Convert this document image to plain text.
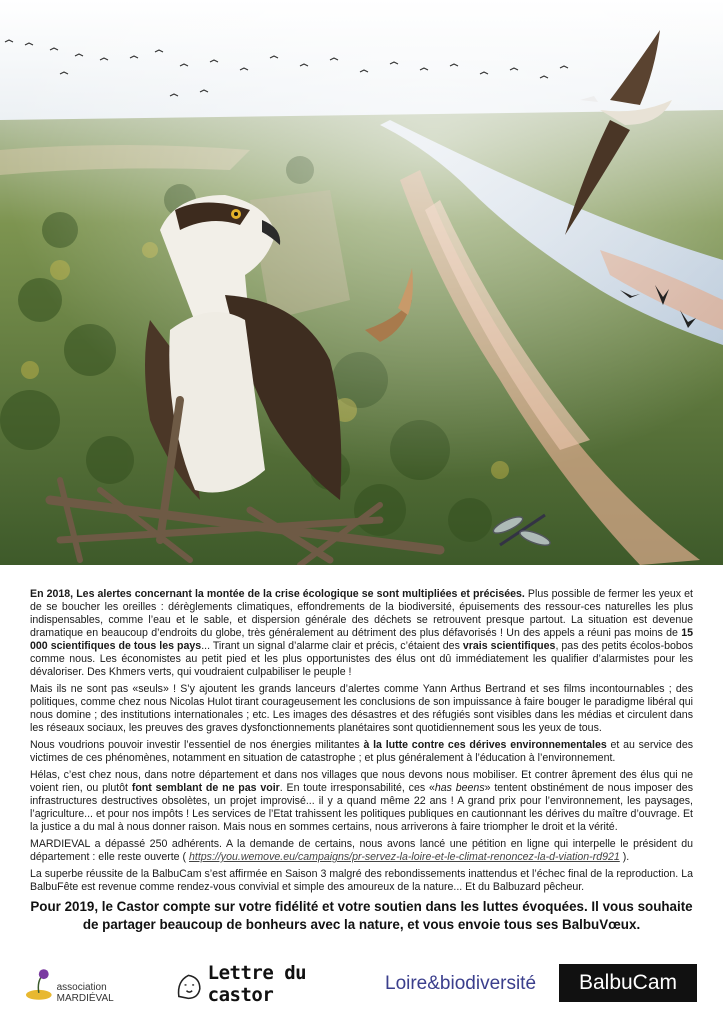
En 2018, Les alertes concernant la montée de la crise écologique se sont multipliées et précisées. Plus possible de fermer les yeux et de se boucher les oreilles : dérèglements climatiques, effondrements de la biodiversité, épuisements des ressour-ces naturelles les plus indispensables, comme l’eau et le sable, et dispersion générale des déchets se retrouvent presque partout. La situation est devenue dramatique en beaucoup d’endroits du globe, très généralement au détriment des plus défavorisés ! Un des appels a réuni pas moins de 15 000 scientifiques de tous les pays... Tirant un signal d’alarme clair et précis, c’étaient des vrais scientifiques, pas des petits écolos-bobos comme nous. Les économistes au petit pied et les plus opportunistes des élus ont dû immédiatement les qualifier d’alarmistes pour les dévaloriser. Des Khmers verts, qui voudraient culpabiliser le peuple !

Mais ils ne sont pas «seuls» ! S’y ajoutent les grands lanceurs d’alertes comme Yann Arthus Bertrand et ses films incontournables ; des politiques, comme chez nous Nicolas Hulot tirant courageusement les conclusions de son impuissance à faire bouger le paradigme libéral qui nous domine ; des institutions internationales ; etc. Les images des désastres et des réfugiés sont visibles dans les médias et circulent dans les réseaux sociaux, les preuves des graves dysfonctionnements planétaires sont quotidiennement sous les yeux de tous.

Nous voudrions pouvoir investir l’essentiel de nos énergies militantes à la lutte contre ces dérives environnementales et au service des victimes de ces phénomènes, notamment en situation de catastrophe ; et plus généralement à l’éducation à l’environnement.

Hélas, c’est chez nous, dans notre département et dans nos villages que nous devons nous mobiliser. Et contrer âprement des élus qui ne voient rien, ou plutôt font semblant de ne pas voir. En toute irresponsabilité, ces «has beens» tentent obstinément de nous imposer des infrastructures destructives obsolètes, un projet improvisé... il y a quand même 22 ans ! A grand prix pour l’environnement, les paysages, l’agriculture... et pour nos impôts ! Les services de l’Etat trahissent les politiques publiques en cautionnant les dérives du maître d’ouvrage. Et la justice a du mal à nous donner raison. Mais nous en sommes certains, nous arriverons à faire triompher le droit et la vérité.

MARDIEVAL a dépassé 250 adhérents. A la demande de certains, nous avons lancé une pétition en ligne qui interpelle le président du département : elle reste ouverte ( https://you.wemove.eu/campaigns/pr-servez-la-loire-et-le-climat-renoncez-la-d-viation-rd921 ).

La superbe réussite de la BalbuCam s’est affirmée en Saison 3 malgré des rebondissements inattendus et l’échec final de la reproduction. La BalbuFête est revenue comme rendez-vous convivial et simple des amoureux de la nature... Et du Balbuzard pêcheur.

Pour 2019, le Castor compte sur votre fidélité et votre soutien dans les luttes évoquées. Il vous souhaite de partager beaucoup de bonheurs avec la nature, et vous envoie tous ses BalbuVœux.
association MARDIÉVAL
Lettre du castor
Loire&biodiversité BalbuCam
